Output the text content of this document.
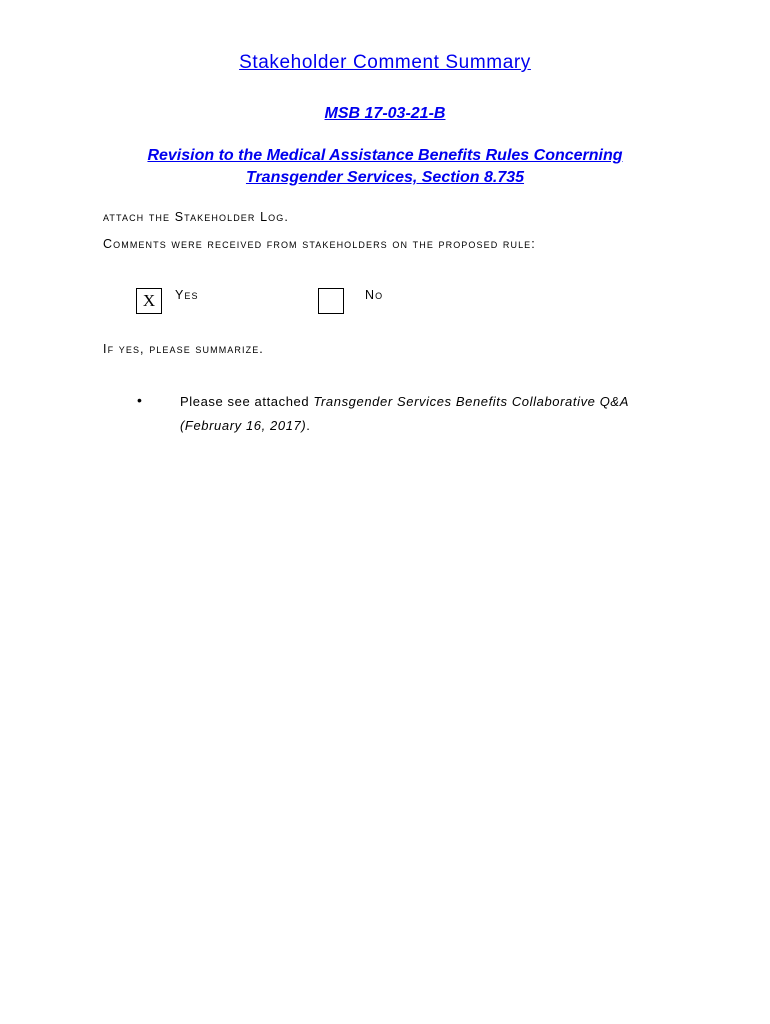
Stakeholder Comment Summary
MSB 17-03-21-B
Revision to the Medical Assistance Benefits Rules Concerning
Transgender Services, Section 8.735
attach the Stakeholder Log.
Comments were received from stakeholders on the proposed rule:
X	Yes	No
If yes, please summarize.
•	Please see attached Transgender Services Benefits Collaborative Q&A (February 16, 2017).
